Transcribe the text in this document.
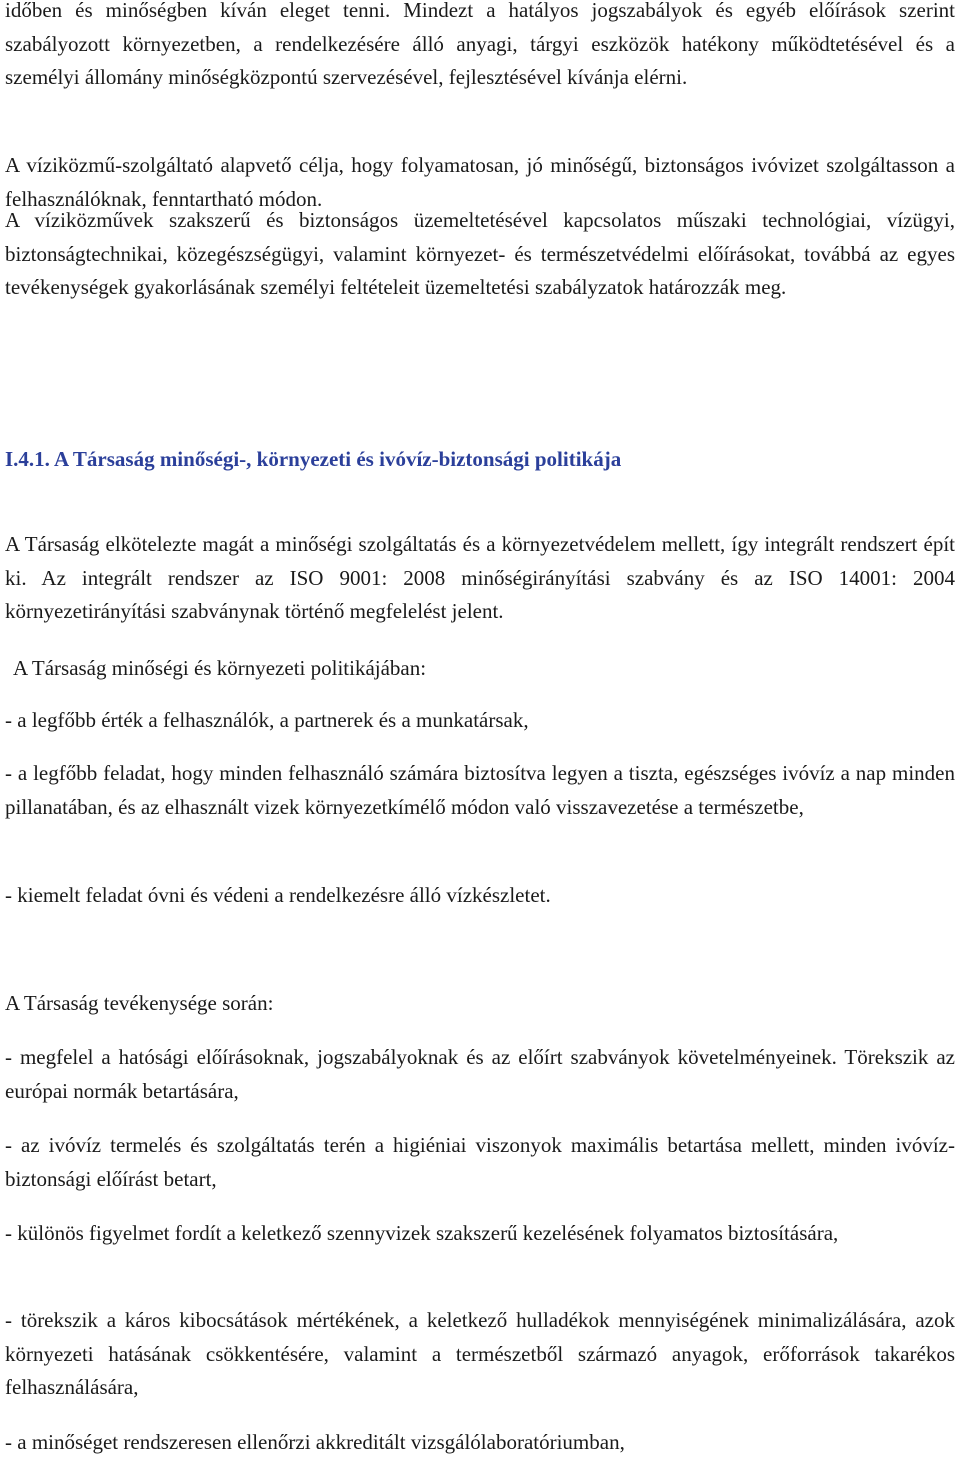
időben és minőségben kíván eleget tenni. Mindezt a hatályos jogszabályok és egyéb előírások szerint szabályozott környezetben, a rendelkezésére álló anyagi, tárgyi eszközök hatékony működtetésével és a személyi állomány minőségközpontú szervezésével, fejlesztésével kívánja elérni.

A víziközmű-szolgáltató alapvető célja, hogy folyamatosan, jó minőségű, biztonságos ivóvizet szolgáltasson a felhasználóknak, fenntartható módon.

A víziközművek szakszerű és biztonságos üzemeltetésével kapcsolatos műszaki technológiai, vízügyi, biztonságtechnikai, közegészségügyi, valamint környezet- és természetvédelmi előírásokat, továbbá az egyes tevékenységek gyakorlásának személyi feltételeit üzemeltetési szabályzatok határozzák meg.

I.4.1. A Társaság minőségi-, környezeti és ivóvíz-biztonsági politikája

A Társaság elkötelezte magát a minőségi szolgáltatás és a környezetvédelem mellett, így integrált rendszert épít ki. Az integrált rendszer az ISO 9001: 2008 minőségirányítási szabvány és az ISO 14001: 2004 környezetirányítási szabványnak történő megfelelést jelent.

A Társaság minőségi és környezeti politikájában:

- a legfőbb érték a felhasználók, a partnerek és a munkatársak,

- a legfőbb feladat, hogy minden felhasználó számára biztosítva legyen a tiszta, egészséges ivóvíz a nap minden pillanatában, és az elhasznált vizek környezetkímélő módon való visszavezetése a természetbe,

- kiemelt feladat óvni és védeni a rendelkezésre álló vízkészletet.

A Társaság tevékenysége során:

- megfelel a hatósági előírásoknak, jogszabályoknak és az előírt szabványok követelményeinek. Törekszik az európai normák betartására,

- az ivóvíz termelés és szolgáltatás terén a higiéniai viszonyok maximális betartása mellett, minden ivóvíz-biztonsági előírást betart,

- különös figyelmet fordít a keletkező szennyvizek szakszerű kezelésének folyamatos biztosítására,

- törekszik a káros kibocsátások mértékének, a keletkező hulladékok mennyiségének minimalizálására, azok környezeti hatásának csökkentésére, valamint a természetből származó anyagok, erőforrások takarékos felhasználására,

- a minőséget rendszeresen ellenőrzi akkreditált vizsgálólaboratóriumban,
